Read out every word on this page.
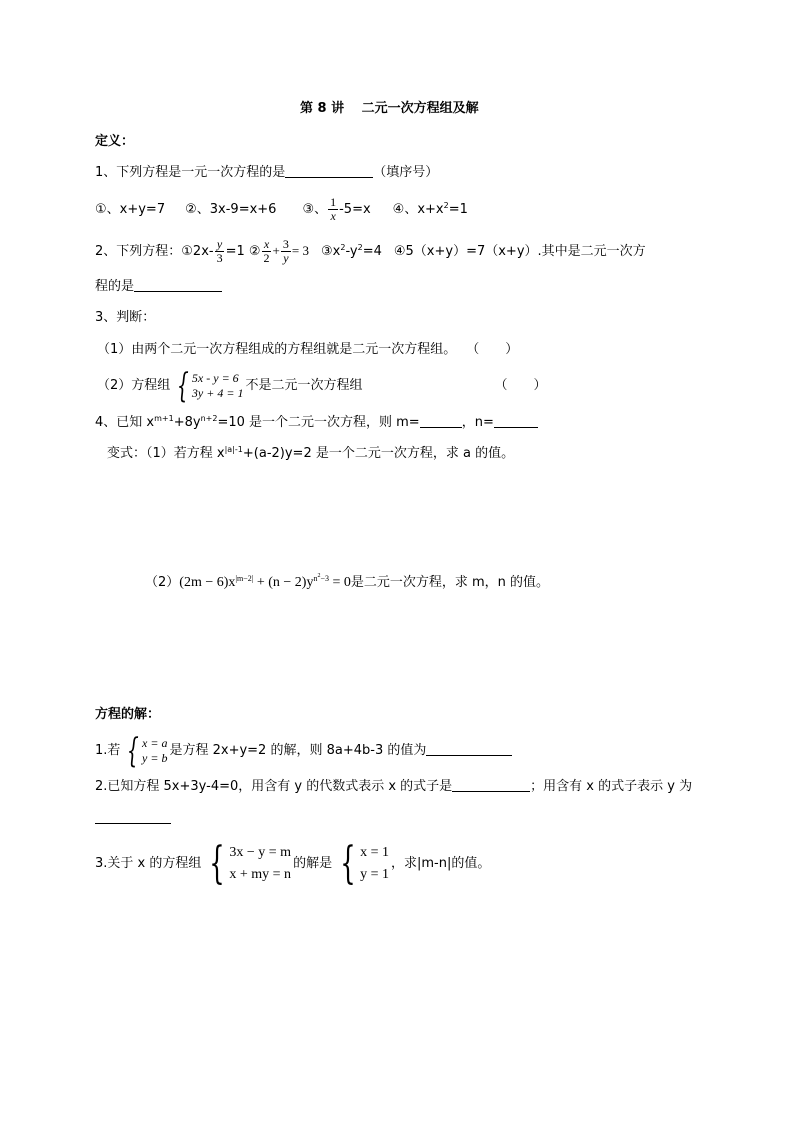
第 8 讲　 二元一次方程组及解
定义：
1、下列方程是一元一次方程的是	（填序号）
①、x+y=7 ②、3x-9=x+6 ③、 $\frac{1}{x} -5=x$ ④、$x+x^2=1$
2、下列方程：①2x- $\frac{y}{3} =1$ ② $\frac{x}{2} + \frac{3}{y} = 3$ $③x^2-y^2=4$ ④5（x+y）=7（x+y）.其中是二元一次方
程的是
3、判断：
（1）由两个二元一次方程组成的方程组就是二元一次方程组。 （　　）
（2）方程组 { 5x - y = 6
3y + 4 = 1 不是二元一次方程组	（　　）
4、已知 $x^{m+1}+8y^{n+2}=10$ 是一个二元一次方程，则 m=	，n=
变式：（1）若方程 $x^{|a|-1}+(a-2)y=2$ 是一个二元一次方程，求 a 的值。
$(2)(2m - 6)x^{|m-2|} + (n - 2)y^{n^2-3} = 0$是二元一次方程，求 m，n 的值。
方程的解：
1.若 { x = a
y = b 是方程 2x+y=2 的解，则 8a+4b-3 的值为
2.已知方程 5x+3y-4=0，用含有 y 的代数式表示 x 的式子是	；用含有 x 的式子表示 y 为
3.关于 x 的方程组 { 3x − y = m
x + my = n
的解是 { x = 1
y = 1
，求|m-n|的值。
